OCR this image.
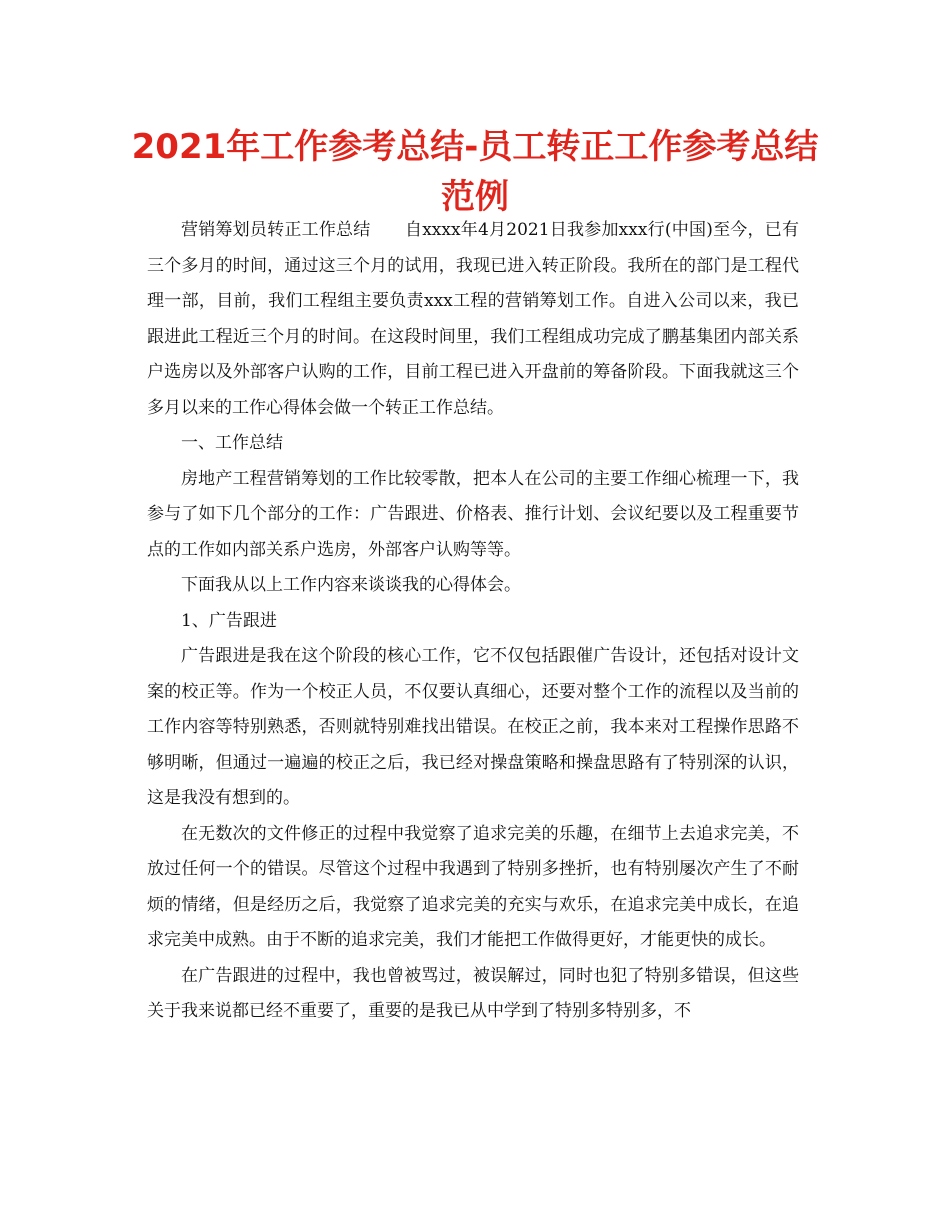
2021年工作参考总结-员工转正工作参考总结范例

营销筹划员转正工作总结　　自xxxx年4月2021日我参加xxx行(中国)至今，已有三个多月的时间，通过这三个月的试用，我现已进入转正阶段。我所在的部门是工程代理一部，目前，我们工程组主要负责xxx工程的营销筹划工作。自进入公司以来，我已跟进此工程近三个月的时间。在这段时间里，我们工程组成功完成了鹏基集团内部关系户选房以及外部客户认购的工作，目前工程已进入开盘前的筹备阶段。下面我就这三个多月以来的工作心得体会做一个转正工作总结。

一、工作总结

房地产工程营销筹划的工作比较零散，把本人在公司的主要工作细心梳理一下，我参与了如下几个部分的工作：广告跟进、价格表、推行计划、会议纪要以及工程重要节点的工作如内部关系户选房，外部客户认购等等。

下面我从以上工作内容来谈谈我的心得体会。

1、广告跟进

广告跟进是我在这个阶段的核心工作，它不仅包括跟催广告设计，还包括对设计文案的校正等。作为一个校正人员，不仅要认真细心，还要对整个工作的流程以及当前的工作内容等特别熟悉，否则就特别难找出错误。在校正之前，我本来对工程操作思路不够明晰，但通过一遍遍的校正之后，我已经对操盘策略和操盘思路有了特别深的认识，这是我没有想到的。

在无数次的文件修正的过程中我觉察了追求完美的乐趣，在细节上去追求完美，不放过任何一个的错误。尽管这个过程中我遇到了特别多挫折，也有特别屡次产生了不耐烦的情绪，但是经历之后，我觉察了追求完美的充实与欢乐，在追求完美中成长，在追求完美中成熟。由于不断的追求完美，我们才能把工作做得更好，才能更快的成长。

在广告跟进的过程中，我也曾被骂过，被误解过，同时也犯了特别多错误，但这些关于我来说都已经不重要了，重要的是我已从中学到了特别多特别多，不
